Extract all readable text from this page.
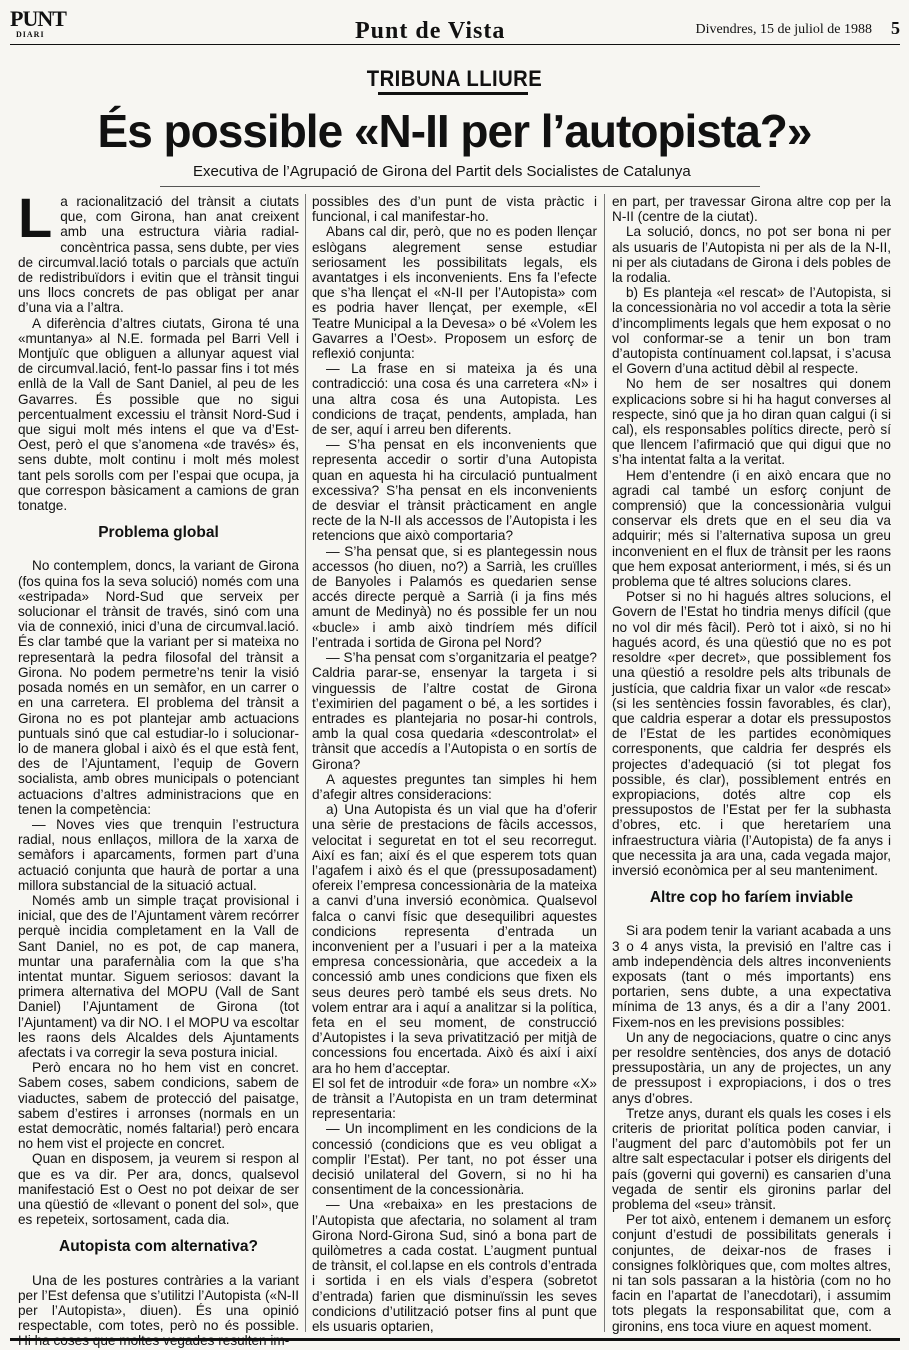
PUNT
DIARI	Punt de Vista	Divendres, 15 de juliol de 1988 5
TRIBUNA LLIURE
És possible «N-II per l’autopista?»
Executiva de l’Agrupació de Girona del Partit dels Socialistes de Catalunya

La racionalització del trànsit a ciutats que, com Girona, han anat creixent amb una estructura viària radial-concèntrica passa, sens dubte, per vies de circumval.lació totals o parcials que actuïn de redistribuïdors i evitin que el trànsit tingui uns llocs concrets de pas obligat per anar d’una via a l’altra.

A diferència d’altres ciutats, Girona té una «muntanya» al N.E. formada pel Barri Vell i Montjuïc que obliguen a allunyar aquest vial de circumval.lació, fent-lo passar fins i tot més enllà de la Vall de Sant Daniel, al peu de les Gavarres. És possible que no sigui percentualment excessiu el trànsit Nord-Sud i que sigui molt més intens el que va d’Est-Oest, però el que s’anomena «de través» és, sens dubte, molt continu i molt més molest tant pels sorolls com per l’espai que ocupa, ja que correspon bàsicament a camions de gran tonatge.

Problema global

No contemplem, doncs, la variant de Girona (fos quina fos la seva solució) només com una «estripada» Nord-Sud que serveix per solucionar el trànsit de través, sinó com una via de connexió, inici d’una de circumval.lació. És clar també que la variant per si mateixa no representarà la pedra filosofal del trànsit a Girona. No podem permetre’ns tenir la visió posada només en un semàfor, en un carrer o en una carretera. El problema del trànsit a Girona no es pot plantejar amb actuacions puntuals sinó que cal estudiar-lo i solucionar-lo de manera global i això és el que està fent, des de l’Ajuntament, l’equip de Govern socialista, amb obres municipals o potenciant actuacions d’altres administracions que en tenen la competència:

— Noves vies que trenquin l’estructura radial, nous enllaços, millora de la xarxa de semàfors i aparcaments, formen part d’una actuació conjunta que haurà de portar a una millora substancial de la situació actual.

Només amb un simple traçat provisional i inicial, que des de l’Ajuntament vàrem recórrer perquè incidia completament en la Vall de Sant Daniel, no es pot, de cap manera, muntar una parafernàlia com la que s’ha intentat muntar. Siguem seriosos: davant la primera alternativa del MOPU (Vall de Sant Daniel) l’Ajuntament de Girona (tot l’Ajuntament) va dir NO. I el MOPU va escoltar les raons dels Alcaldes dels Ajuntaments afectats i va corregir la seva postura inicial.

Però encara no ho hem vist en concret. Sabem coses, sabem condicions, sabem de viaductes, sabem de protecció del paisatge, sabem d’estires i arronses (normals en un estat democràtic, només faltaria!) però encara no hem vist el projecte en concret.

Quan en disposem, ja veurem si respon al que es va dir. Per ara, doncs, qualsevol manifestació Est o Oest no pot deixar de ser una qüestió de «llevant o ponent del sol», que es repeteix, sortosament, cada dia.

Autopista com alternativa?

Una de les postures contràries a la variant per l’Est defensa que s’utilitzi l’Autopista («N-II per l’Autopista», diuen). És una opinió respectable, com totes, però no és possible. Hi ha coses que moltes vegades resulten im-

possibles des d’un punt de vista pràctic i funcional, i cal manifestar-ho.

Abans cal dir, però, que no es poden llençar eslògans alegrement sense estudiar seriosament les possibilitats legals, els avantatges i els inconvenients. Ens fa l’efecte que s’ha llençat el «N-II per l’Autopista» com es podria haver llençat, per exemple, «El Teatre Municipal a la Devesa» o bé «Volem les Gavarres a l’Oest». Proposem un esforç de reflexió conjunta:

— La frase en si mateixa ja és una contradicció: una cosa és una carretera «N» i una altra cosa és una Autopista. Les condicions de traçat, pendents, amplada, han de ser, aquí i arreu ben diferents.

— S’ha pensat en els inconvenients que representa accedir o sortir d’una Autopista quan en aquesta hi ha circulació puntualment excessiva? S’ha pensat en els inconvenients de desviar el trànsit pràcticament en angle recte de la N-II als accessos de l’Autopista i les retencions que això comportaria?

— S’ha pensat que, si es plantegessin nous accessos (ho diuen, no?) a Sarrià, les cruïlles de Banyoles i Palamós es quedarien sense accés directe perquè a Sarrià (i ja fins més amunt de Medinyà) no és possible fer un nou «bucle» i amb això tindríem més difícil l’entrada i sortida de Girona pel Nord?

— S’ha pensat com s’organitzaria el peatge? Caldria parar-se, ensenyar la targeta i si vinguessis de l’altre costat de Girona t’eximirien del pagament o bé, a les sortides i entrades es plantejaria no posar-hi controls, amb la qual cosa quedaria «descontrolat» el trànsit que accedís a l’Autopista o en sortís de Girona?

A aquestes preguntes tan simples hi hem d’afegir altres consideracions:

a) Una Autopista és un vial que ha d’oferir una sèrie de prestacions de fàcils accessos, velocitat i seguretat en tot el seu recorregut. Així es fan; així és el que esperem tots quan l’agafem i això és el que (pressuposadament) ofereix l’empresa concessionària de la mateixa a canvi d’una inversió econòmica. Qualsevol falca o canvi físic que desequilibri aquestes condicions representa d’entrada un inconvenient per a l’usuari i per a la mateixa empresa concessionària, que accedeix a la concessió amb unes condicions que fixen els seus deures però també els seus drets. No volem entrar ara i aquí a analitzar si la política, feta en el seu moment, de construcció d’Autopistes i la seva privatització per mitjà de concessions fou encertada. Això és així i així ara ho hem d’acceptar.

El sol fet de introduir «de fora» un nombre «X» de trànsit a l’Autopista en un tram determinat representaria:

— Un incompliment en les condicions de la concessió (condicions que es veu obligat a complir l’Estat). Per tant, no pot ésser una decisió unilateral del Govern, si no hi ha consentiment de la concessionària.

— Una «rebaixa» en les prestacions de l’Autopista que afectaria, no solament al tram Girona Nord-Girona Sud, sinó a bona part de quilòmetres a cada costat. L’augment puntual de trànsit, el col.lapse en els controls d’entrada i sortida i en els vials d’espera (sobretot d’entrada) farien que disminuïssin les seves condicions d’utilització potser fins al punt que els usuaris optarien,

en part, per travessar Girona altre cop per la N-II (centre de la ciutat).

La solució, doncs, no pot ser bona ni per als usuaris de l’Autopista ni per als de la N-II, ni per als ciutadans de Girona i dels pobles de la rodalia.

b) Es planteja «el rescat» de l’Autopista, si la concessionària no vol accedir a tota la sèrie d’incompliments legals que hem exposat o no vol conformar-se a tenir un bon tram d’autopista contínuament col.lapsat, i s’acusa el Govern d’una actitud dèbil al respecte.

No hem de ser nosaltres qui donem explicacions sobre si hi ha hagut converses al respecte, sinó que ja ho diran quan calgui (i si cal), els responsables polítics directe, però sí que llencem l’afirmació que qui digui que no s’ha intentat falta a la veritat.

Hem d’entendre (i en això encara que no agradi cal també un esforç conjunt de comprensió) que la concessionària vulgui conservar els drets que en el seu dia va adquirir; més si l’alternativa suposa un greu inconvenient en el flux de trànsit per les raons que hem exposat anteriorment, i més, si és un problema que té altres solucions clares.

Potser si no hi hagués altres solucions, el Govern de l’Estat ho tindria menys difícil (que no vol dir més fàcil). Però tot i això, si no hi hagués acord, és una qüestió que no es pot resoldre «per decret», que possiblement fos una qüestió a resoldre pels alts tribunals de justícia, que caldria fixar un valor «de rescat» (si les sentències fossin favorables, és clar), que caldria esperar a dotar els pressupostos de l’Estat de les partides econòmiques corresponents, que caldria fer després els projectes d’adequació (si tot plegat fos possible, és clar), possiblement entrés en expropiacions, dotés altre cop els pressupostos de l’Estat per fer la subhasta d’obres, etc. i que heretaríem una infraestructura viària (l’Autopista) de fa anys i que necessita ja ara una, cada vegada major, inversió econòmica per al seu manteniment.

Altre cop ho faríem inviable

Si ara podem tenir la variant acabada a uns 3 o 4 anys vista, la previsió en l’altre cas i amb independència dels altres inconvenients exposats (tant o més importants) ens portarien, sens dubte, a una expectativa mínima de 13 anys, és a dir a l’any 2001. Fixem-nos en les previsions possibles:

Un any de negociacions, quatre o cinc anys per resoldre sentències, dos anys de dotació pressupostària, un any de projectes, un any de pressupost i expropiacions, i dos o tres anys d’obres.

Tretze anys, durant els quals les coses i els criteris de prioritat política poden canviar, i l’augment del parc d’automòbils pot fer un altre salt espectacular i potser els dirigents del país (governi qui governi) es cansarien d’una vegada de sentir els gironins parlar del problema del «seu» trànsit.

Per tot això, entenem i demanem un esforç conjunt d’estudi de possibilitats generals i conjuntes, de deixar-nos de frases i consignes folklòriques que, com moltes altres, ni tan sols passaran a la història (com no ho facin en l’apartat de l’anecdotari), i assumim tots plegats la responsabilitat que, com a gironins, ens toca viure en aquest moment.
